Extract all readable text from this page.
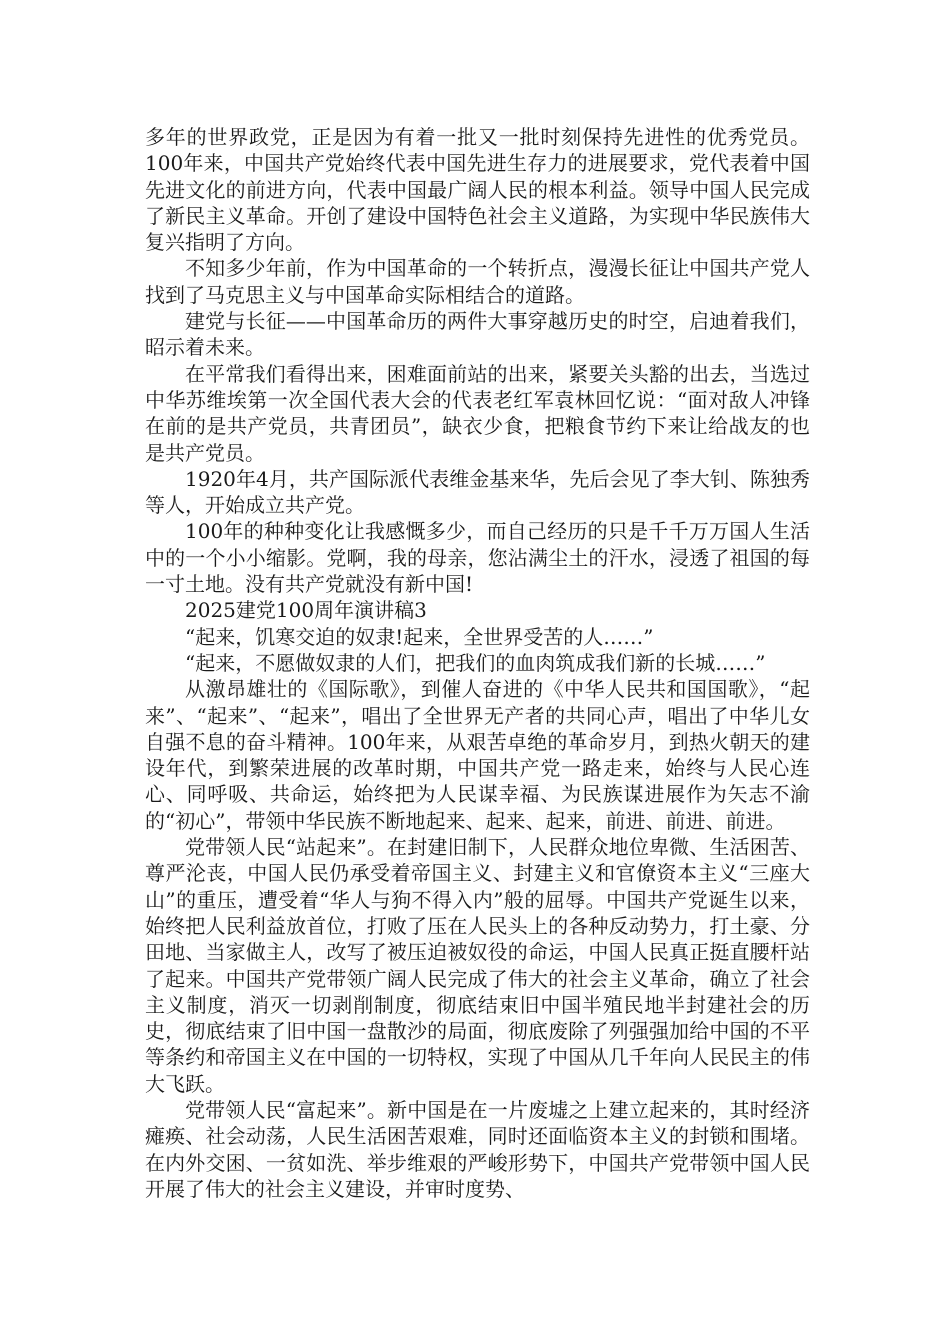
多年的世界政党，正是因为有着一批又一批时刻保持先进性的优秀党员。100年来，中国共产党始终代表中国先进生存力的进展要求，党代表着中国先进文化的前进方向，代表中国最广阔人民的根本利益。领导中国人民完成了新民主义革命。开创了建设中国特色社会主义道路，为实现中华民族伟大复兴指明了方向。

不知多少年前，作为中国革命的一个转折点，漫漫长征让中国共产党人找到了马克思主义与中国革命实际相结合的道路。

建党与长征——中国革命历的两件大事穿越历史的时空，启迪着我们，昭示着未来。

在平常我们看得出来，困难面前站的出来，紧要关头豁的出去，当选过中华苏维埃第一次全国代表大会的代表老红军袁林回忆说：“面对敌人冲锋在前的是共产党员，共青团员”，缺衣少食，把粮食节约下来让给战友的也是共产党员。

1920年4月，共产国际派代表维金基来华，先后会见了李大钊、陈独秀等人，开始成立共产党。

100年的种种变化让我感慨多少，而自己经历的只是千千万万国人生活中的一个小小缩影。党啊，我的母亲，您沾满尘土的汗水，浸透了祖国的每一寸土地。没有共产党就没有新中国!

2025建党100周年演讲稿3

“起来，饥寒交迫的奴隶!起来，全世界受苦的人……”

“起来，不愿做奴隶的人们，把我们的血肉筑成我们新的长城……”

从激昂雄壮的《国际歌》，到催人奋进的《中华人民共和国国歌》，“起来”、“起来”、“起来”，唱出了全世界无产者的共同心声，唱出了中华儿女自强不息的奋斗精神。100年来，从艰苦卓绝的革命岁月，到热火朝天的建设年代，到繁荣进展的改革时期，中国共产党一路走来，始终与人民心连心、同呼吸、共命运，始终把为人民谋幸福、为民族谋进展作为矢志不渝的“初心”，带领中华民族不断地起来、起来、起来，前进、前进、前进。

党带领人民“站起来”。在封建旧制下，人民群众地位卑微、生活困苦、尊严沦丧，中国人民仍承受着帝国主义、封建主义和官僚资本主义“三座大山”的重压，遭受着“华人与狗不得入内”般的屈辱。中国共产党诞生以来，始终把人民利益放首位，打败了压在人民头上的各种反动势力，打土豪、分田地、当家做主人，改写了被压迫被奴役的命运，中国人民真正挺直腰杆站了起来。中国共产党带领广阔人民完成了伟大的社会主义革命，确立了社会主义制度，消灭一切剥削制度，彻底结束旧中国半殖民地半封建社会的历史，彻底结束了旧中国一盘散沙的局面，彻底废除了列强强加给中国的不平等条约和帝国主义在中国的一切特权，实现了中国从几千年向人民民主的伟大飞跃。

党带领人民“富起来”。新中国是在一片废墟之上建立起来的，其时经济瘫痪、社会动荡，人民生活困苦艰难，同时还面临资本主义的封锁和围堵。在内外交困、一贫如洗、举步维艰的严峻形势下，中国共产党带领中国人民开展了伟大的社会主义建设，并审时度势、
